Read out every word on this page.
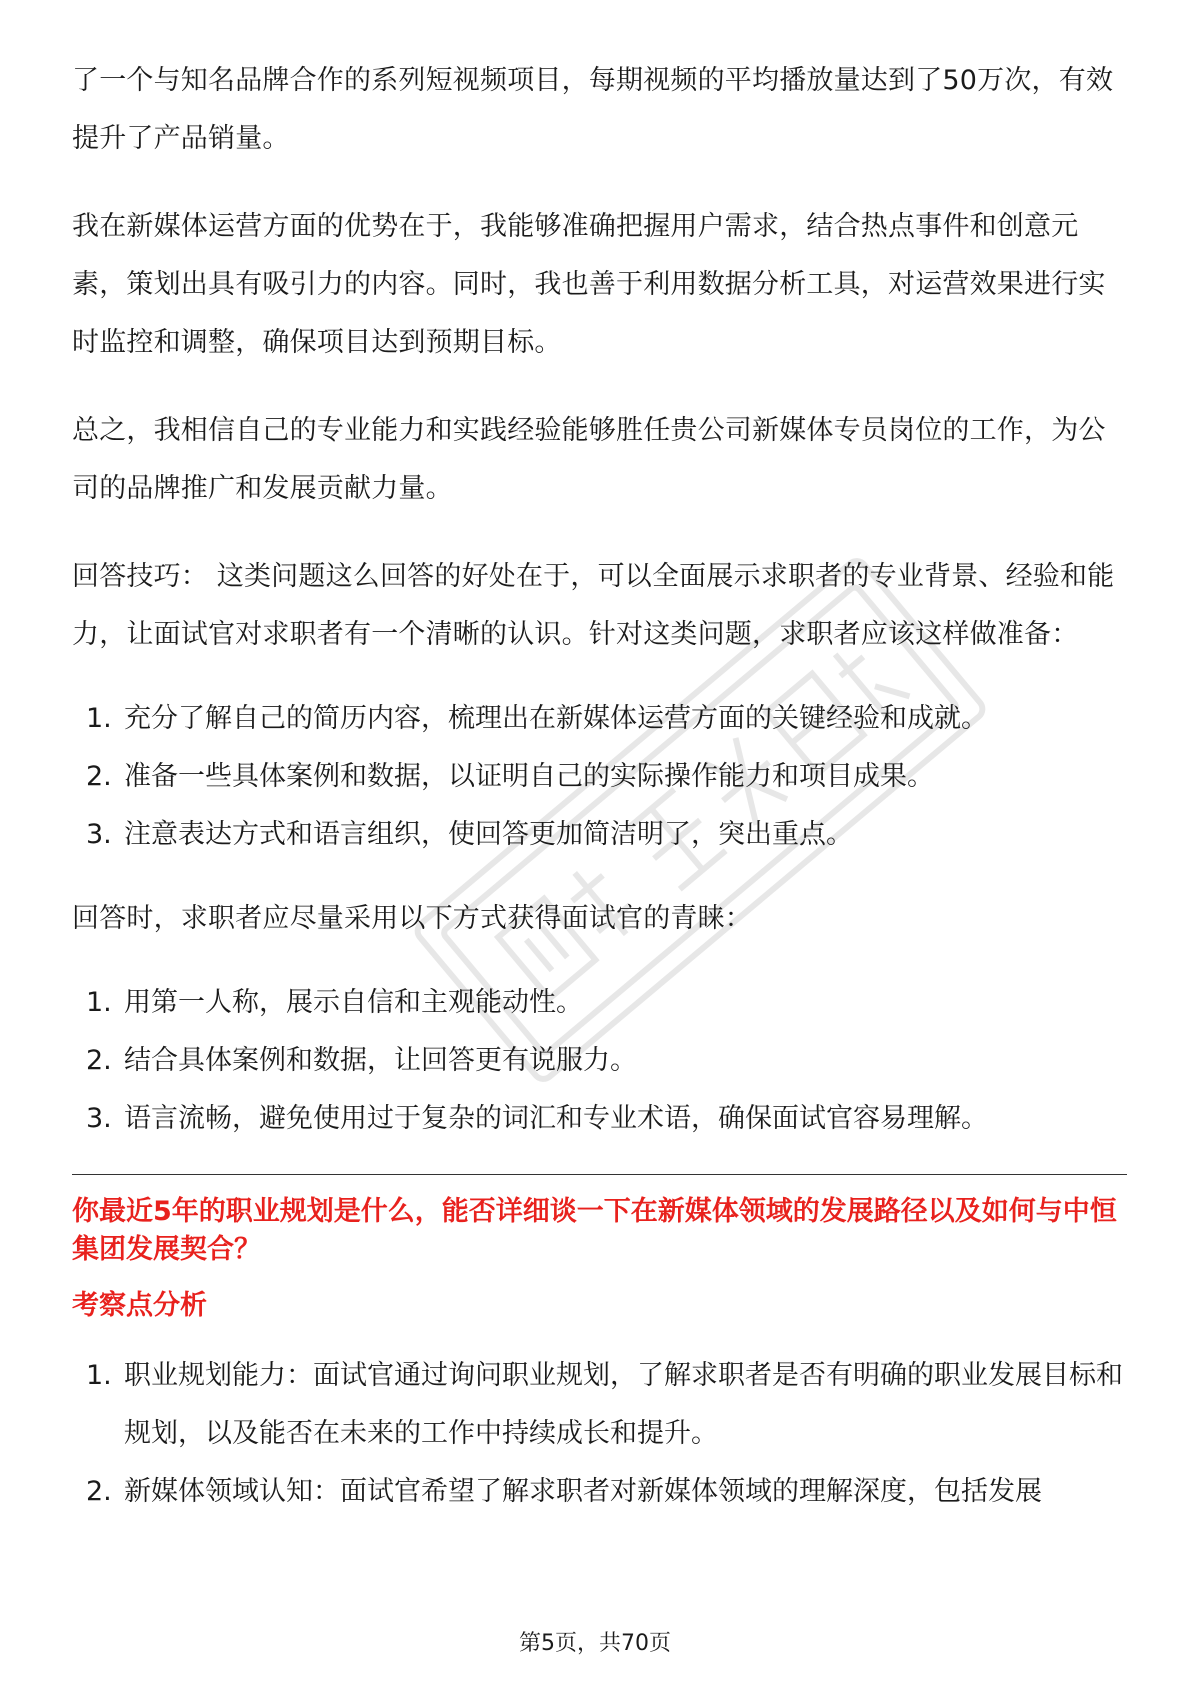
了一个与知名品牌合作的系列短视频项目，每期视频的平均播放量达到了50万次，有效提升了产品销量。

我在新媒体运营方面的优势在于，我能够准确把握用户需求，结合热点事件和创意元素，策划出具有吸引力的内容。同时，我也善于利用数据分析工具，对运营效果进行实时监控和调整，确保项目达到预期目标。

总之，我相信自己的专业能力和实践经验能够胜任贵公司新媒体专员岗位的工作，为公司的品牌推广和发展贡献力量。

回答技巧： 这类问题这么回答的好处在于，可以全面展示求职者的专业背景、经验和能力，让面试官对求职者有一个清晰的认识。针对这类问题，求职者应该这样做准备：

1. 充分了解自己的简历内容，梳理出在新媒体运营方面的关键经验和成就。
2. 准备一些具体案例和数据，以证明自己的实际操作能力和项目成果。
3. 注意表达方式和语言组织，使回答更加简洁明了，突出重点。

回答时，求职者应尽量采用以下方式获得面试官的青睐：

1. 用第一人称，展示自信和主观能动性。
2. 结合具体案例和数据，让回答更有说服力。
3. 语言流畅，避免使用过于复杂的词汇和专业术语，确保面试官容易理解。

你最近5年的职业规划是什么，能否详细谈一下在新媒体领域的发展路径以及如何与中恒集团发展契合？

考察点分析

1. 职业规划能力：面试官通过询问职业规划，了解求职者是否有明确的职业发展目标和规划，以及能否在未来的工作中持续成长和提升。
2. 新媒体领域认知：面试官希望了解求职者对新媒体领域的理解深度，包括发展
第5页，共70页
